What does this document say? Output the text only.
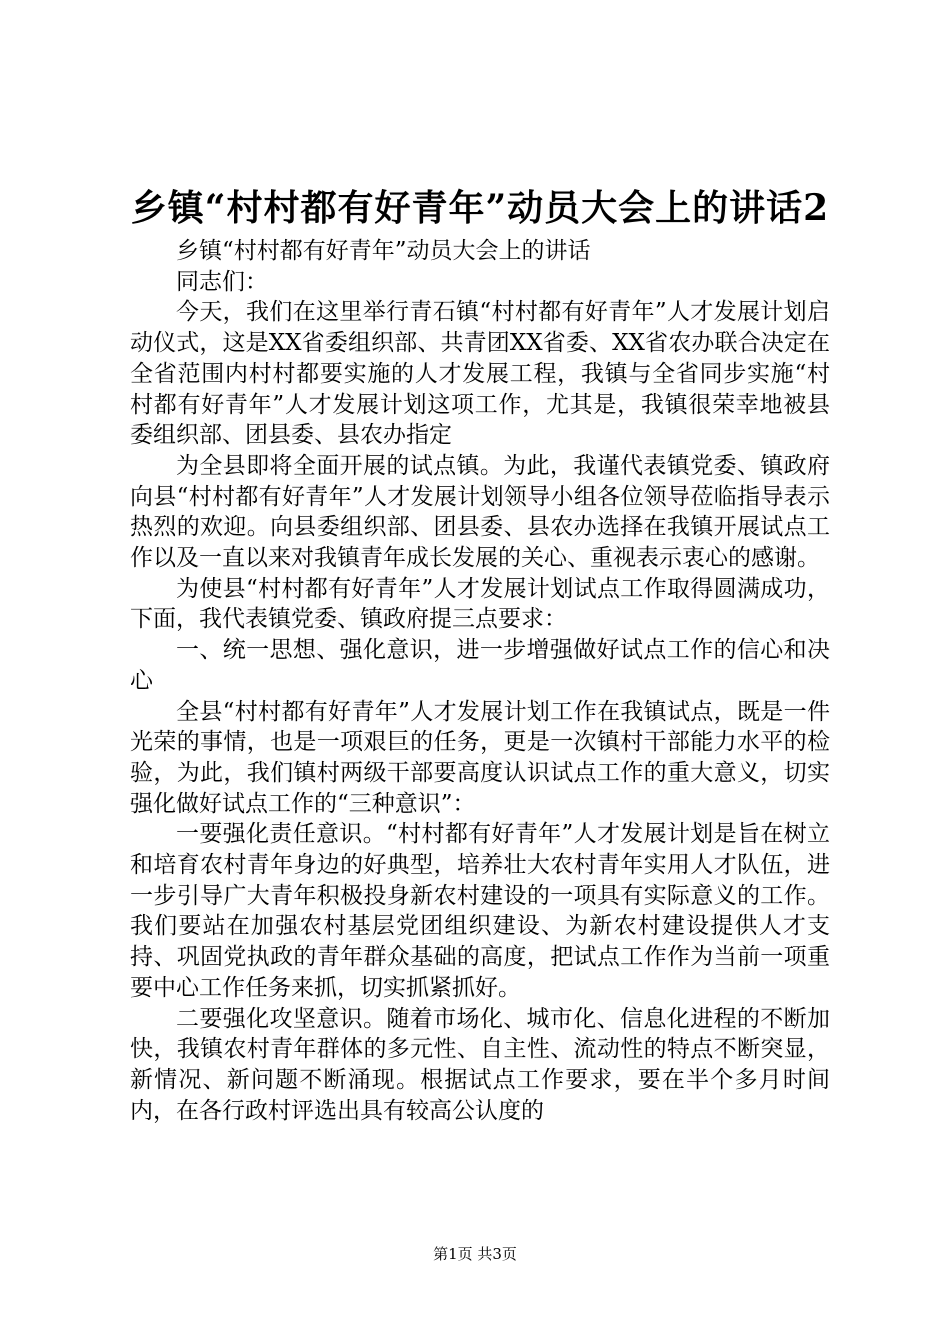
乡镇“村村都有好青年”动员大会上的讲话2

乡镇“村村都有好青年”动员大会上的讲话

同志们：

今天，我们在这里举行青石镇“村村都有好青年”人才发展计划启动仪式，这是XX省委组织部、共青团XX省委、XX省农办联合决定在全省范围内村村都要实施的人才发展工程，我镇与全省同步实施“村村都有好青年”人才发展计划这项工作，尤其是，我镇很荣幸地被县委组织部、团县委、县农办指定

为全县即将全面开展的试点镇。为此，我谨代表镇党委、镇政府向县“村村都有好青年”人才发展计划领导小组各位领导莅临指导表示热烈的欢迎。向县委组织部、团县委、县农办选择在我镇开展试点工作以及一直以来对我镇青年成长发展的关心、重视表示衷心的感谢。

为使县“村村都有好青年”人才发展计划试点工作取得圆满成功，下面，我代表镇党委、镇政府提三点要求：

一、统一思想、强化意识，进一步增强做好试点工作的信心和决心

全县“村村都有好青年”人才发展计划工作在我镇试点，既是一件光荣的事情，也是一项艰巨的任务，更是一次镇村干部能力水平的检验，为此，我们镇村两级干部要高度认识试点工作的重大意义，切实强化做好试点工作的“三种意识”：

一要强化责任意识。“村村都有好青年”人才发展计划是旨在树立和培育农村青年身边的好典型，培养壮大农村青年实用人才队伍，进一步引导广大青年积极投身新农村建设的一项具有实际意义的工作。我们要站在加强农村基层党团组织建设、为新农村建设提供人才支持、巩固党执政的青年群众基础的高度，把试点工作作为当前一项重要中心工作任务来抓，切实抓紧抓好。

二要强化攻坚意识。随着市场化、城市化、信息化进程的不断加快，我镇农村青年群体的多元性、自主性、流动性的特点不断突显，新情况、新问题不断涌现。根据试点工作要求，要在半个多月时间内，在各行政村评选出具有较高公认度的

第1页 共3页
